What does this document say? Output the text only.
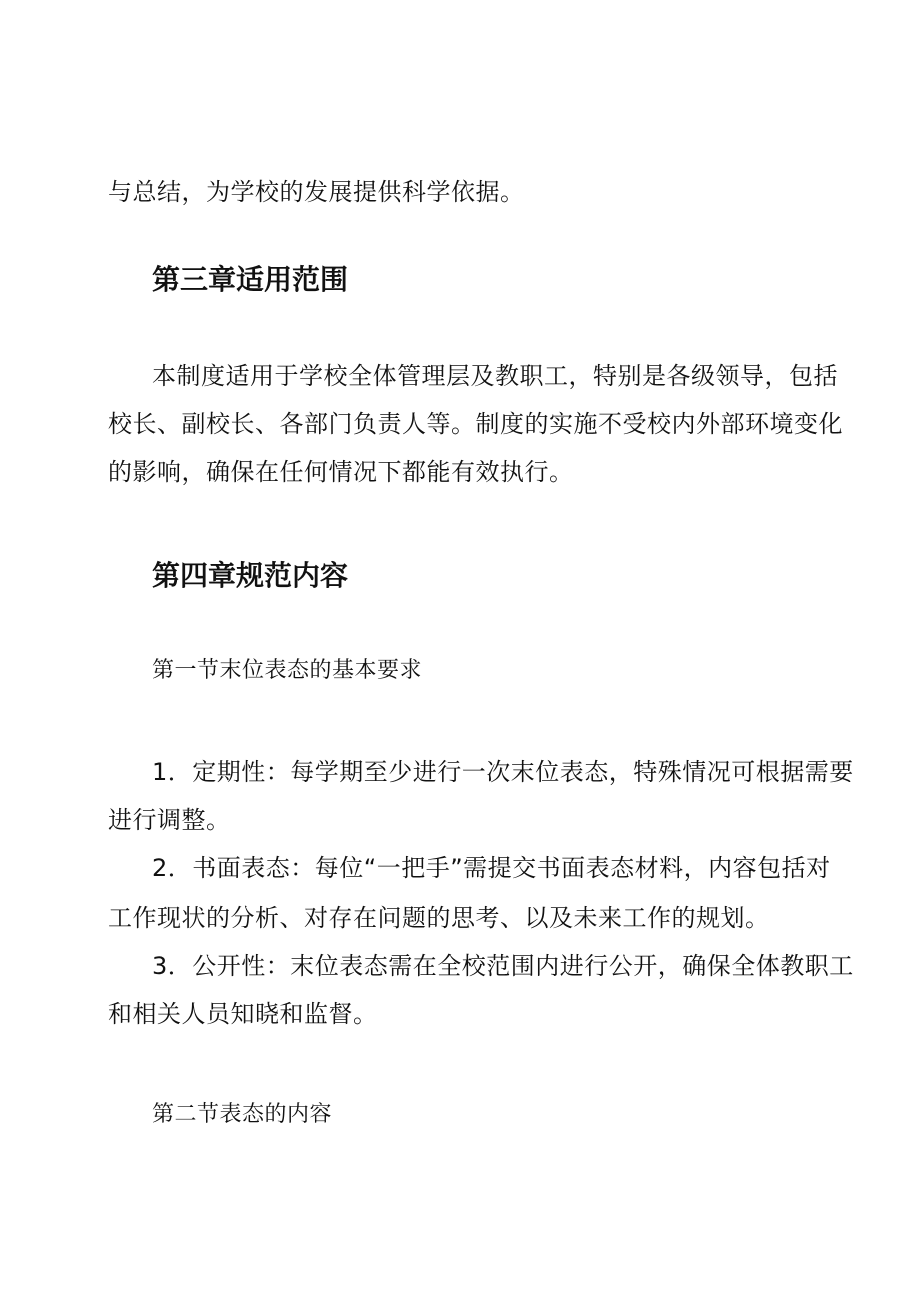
与总结，为学校的发展提供科学依据。
第三章适用范围
本制度适用于学校全体管理层及教职工，特别是各级领导，包括
校长、副校长、各部门负责人等。制度的实施不受校内外部环境变化
的影响，确保在任何情况下都能有效执行。
第四章规范内容
第一节末位表态的基本要求
1．定期性：每学期至少进行一次末位表态，特殊情况可根据需要
进行调整。
2．书面表态：每位“一把手”需提交书面表态材料，内容包括对
工作现状的分析、对存在问题的思考、以及未来工作的规划。
3．公开性：末位表态需在全校范围内进行公开，确保全体教职工
和相关人员知晓和监督。
第二节表态的内容
